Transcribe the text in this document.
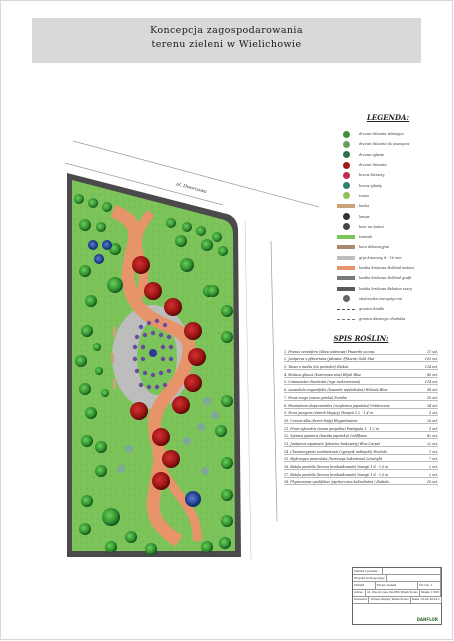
Koncepcja zagospodarowania
terenu zieleni w Wielichowie
ul. Dworcowa
LEGENDA:
drzewo liściaste istniejące
drzewo liściaste do usunięcia
drzewo iglaste
drzewo liściaste
krzew liściasty
krzew iglasty
trawa
ławka
lampa
kosz na śmieci
trawnik
kora dekoracyjna
grys kruszony 8 - 16 mm
kostka brukowa Holland melanż
kostka brukowa Holland grafit
kostka brukowa Behaton szary
studzienka energetyczna
granica działki
granica dawnego chodnika
SPIS ROŚLIN:
1. Prunus cerasifera (śliwa wiśniowa) Pissardii szczep.	11 szt.
2. Juniperus x pfitzeriana (jałowiec Pfitzera) Gold Star	103 szt.
3. Taxus x media (cis pośredni) Hicksii	124 szt.
4. Festuca glauca (kostrzewa sina) Elijah Blue	80 szt.
5. Cotoneaster divaricata (irga rozkrzewiona)	114 szt.
6. Lavandula angustifolia (lawenda wąskolistna) Hidcote Blue	58 szt.
7. Pinus mugo (sosna górska) Pumilio	16 szt.
8. Pennisetum alopecuroides (rozplenica japońska) Viridescens	34 szt.
9. Picea pungens (świerk kłujący) Hoopsii 1,2 - 1,4 m	3 szt.
10. Cornus alba (dereń biały) Elegantissima	26 szt.
11. Pinus sylvestris (sosna pospolita) Fastigiata 1 - 1,2 m	3 szt.
12. Spiraea japonica (tawuła japońska) Goldflame	82 szt.
13. Juniperus squamata (jałowiec łuskowaty) Blue Carpet	22 szt.
14. Chamaecyparis nootkatensis (cyprysik nutkajski) Pendula	1 szt.
15. Hydrangea paniculata (hortensja bukietowa) Limelight	7 szt.
16. Betula pendula (brzoza brodawkowata) Youngii 1,8 - 2,0 m	2 szt.
17. Betula pendula (brzoza brodawkowata) Youngii 1,8 - 2,0 m	2 szt.
18. Physocarpus opulifolius (pęcherznica kalinolistna ) Diabolo	16 szt.
Nazwa rysunku
Projekt koncepcyjny
Obiekt	Teren zieleni	Nr rys. 1
Adres	ul. Dworcowa 64-050 Wielichowo	Skala 1:500
Inwestor	Urząd Gminy Wielichowo	Data 10.02.2014 r.
DANFLOR
